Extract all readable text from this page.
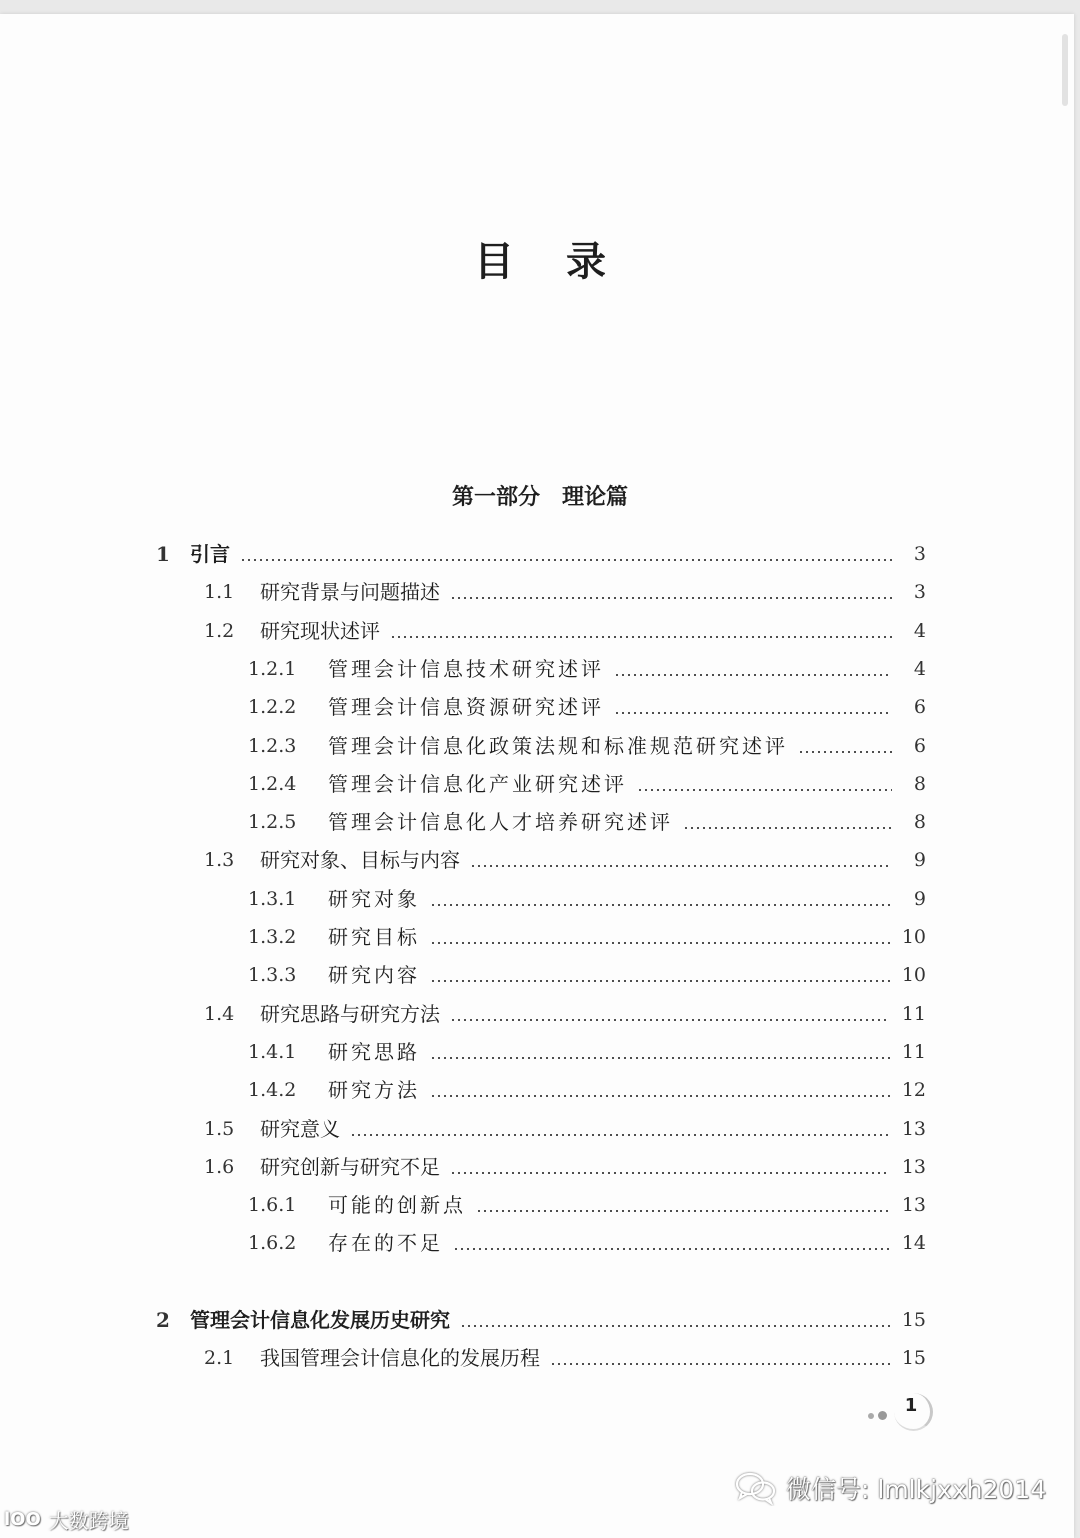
目录
第一部分 理论篇
1	引言	3
1.1	研究背景与问题描述	3
1.2	研究现状述评	4
1.2.1	管理会计信息技术研究述评	4
1.2.2	管理会计信息资源研究述评	6
1.2.3	管理会计信息化政策法规和标准规范研究述评	6
1.2.4	管理会计信息化产业研究述评	8
1.2.5	管理会计信息化人才培养研究述评	8
1.3	研究对象、目标与内容	9
1.3.1	研究对象	9
1.3.2	研究目标	10
1.3.3	研究内容	10
1.4	研究思路与研究方法	11
1.4.1	研究思路	11
1.4.2	研究方法	12
1.5	研究意义	13
1.6	研究创新与研究不足	13
1.6.1	可能的创新点	13
1.6.2	存在的不足	14
2	管理会计信息化发展历史研究	15
2.1	我国管理会计信息化的发展历程	15
1
微信号: lmlkjxxh2014
lOO 大数跨境
